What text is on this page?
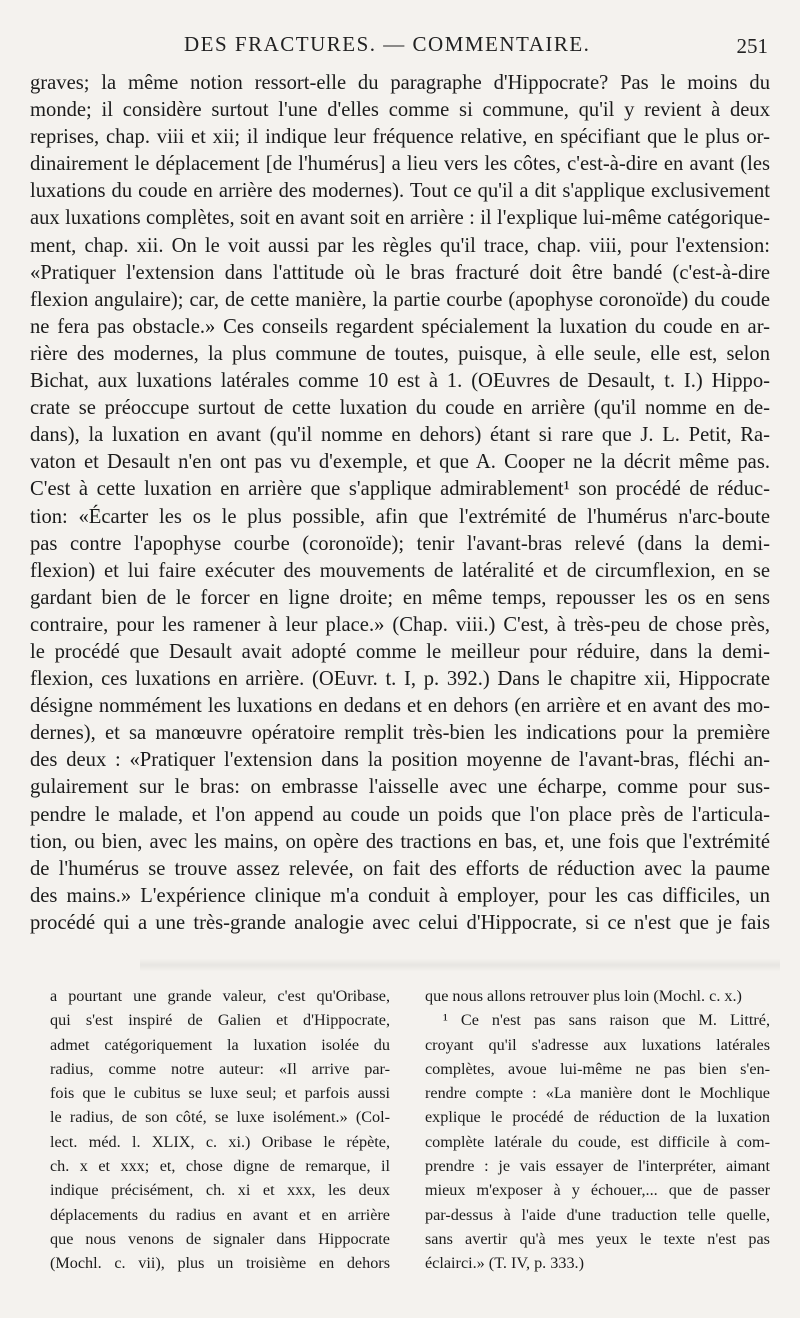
DES FRACTURES. — COMMENTAIRE.	251
graves; la même notion ressort-elle du paragraphe d'Hippocrate? Pas le moins du
monde; il considère surtout l'une d'elles comme si commune, qu'il y revient à deux
reprises, chap. viii et xii; il indique leur fréquence relative, en spécifiant que le plus or-
dinairement le déplacement [de l'humérus] a lieu vers les côtes, c'est-à-dire en avant (les
luxations du coude en arrière des modernes). Tout ce qu'il a dit s'applique exclusivement
aux luxations complètes, soit en avant soit en arrière : il l'explique lui-même catégorique-
ment, chap. xii. On le voit aussi par les règles qu'il trace, chap. viii, pour l'extension:
«Pratiquer l'extension dans l'attitude où le bras fracturé doit être bandé (c'est-à-dire
flexion angulaire); car, de cette manière, la partie courbe (apophyse coronoïde) du coude
ne fera pas obstacle.» Ces conseils regardent spécialement la luxation du coude en ar-
rière des modernes, la plus commune de toutes, puisque, à elle seule, elle est, selon
Bichat, aux luxations latérales comme 10 est à 1. (OEuvres de Desault, t. I.) Hippo-
crate se préoccupe surtout de cette luxation du coude en arrière (qu'il nomme en de-
dans), la luxation en avant (qu'il nomme en dehors) étant si rare que J. L. Petit, Ra-
vaton et Desault n'en ont pas vu d'exemple, et que A. Cooper ne la décrit même pas.
C'est à cette luxation en arrière que s'applique admirablement¹ son procédé de réduc-
tion: «Écarter les os le plus possible, afin que l'extrémité de l'humérus n'arc-boute
pas contre l'apophyse courbe (coronoïde); tenir l'avant-bras relevé (dans la demi-
flexion) et lui faire exécuter des mouvements de latéralité et de circumflexion, en se
gardant bien de le forcer en ligne droite; en même temps, repousser les os en sens
contraire, pour les ramener à leur place.» (Chap. viii.) C'est, à très-peu de chose près,
le procédé que Desault avait adopté comme le meilleur pour réduire, dans la demi-
flexion, ces luxations en arrière. (OEuvr. t. I, p. 392.) Dans le chapitre xii, Hippocrate
désigne nommément les luxations en dedans et en dehors (en arrière et en avant des mo-
dernes), et sa manœuvre opératoire remplit très-bien les indications pour la première
des deux : «Pratiquer l'extension dans la position moyenne de l'avant-bras, fléchi an-
gulairement sur le bras: on embrasse l'aisselle avec une écharpe, comme pour sus-
pendre le malade, et l'on append au coude un poids que l'on place près de l'articula-
tion, ou bien, avec les mains, on opère des tractions en bas, et, une fois que l'extrémité
de l'humérus se trouve assez relevée, on fait des efforts de réduction avec la paume
des mains.» L'expérience clinique m'a conduit à employer, pour les cas difficiles, un
procédé qui a une très-grande analogie avec celui d'Hippocrate, si ce n'est que je fais
a pourtant une grande valeur, c'est qu'Oribase,
qui s'est inspiré de Galien et d'Hippocrate,
admet catégoriquement la luxation isolée du
radius, comme notre auteur: «Il arrive par-
fois que le cubitus se luxe seul; et parfois aussi
le radius, de son côté, se luxe isolément.» (Col-
lect. méd. l. XLIX, c. xi.) Oribase le répète,
ch. x et xxx; et, chose digne de remarque, il
indique précisément, ch. xi et xxx, les deux
déplacements du radius en avant et en arrière
que nous venons de signaler dans Hippocrate
(Mochl. c. vii), plus un troisième en dehors
que nous allons retrouver plus loin (Mochl. c. x.)
¹ Ce n'est pas sans raison que M. Littré,
croyant qu'il s'adresse aux luxations latérales
complètes, avoue lui-même ne pas bien s'en-
rendre compte : «La manière dont le Mochlique
explique le procédé de réduction de la luxation
complète latérale du coude, est difficile à com-
prendre : je vais essayer de l'interpréter, aimant
mieux m'exposer à y échouer,... que de passer
par-dessus à l'aide d'une traduction telle quelle,
sans avertir qu'à mes yeux le texte n'est pas
éclairci.» (T. IV, p. 333.)
